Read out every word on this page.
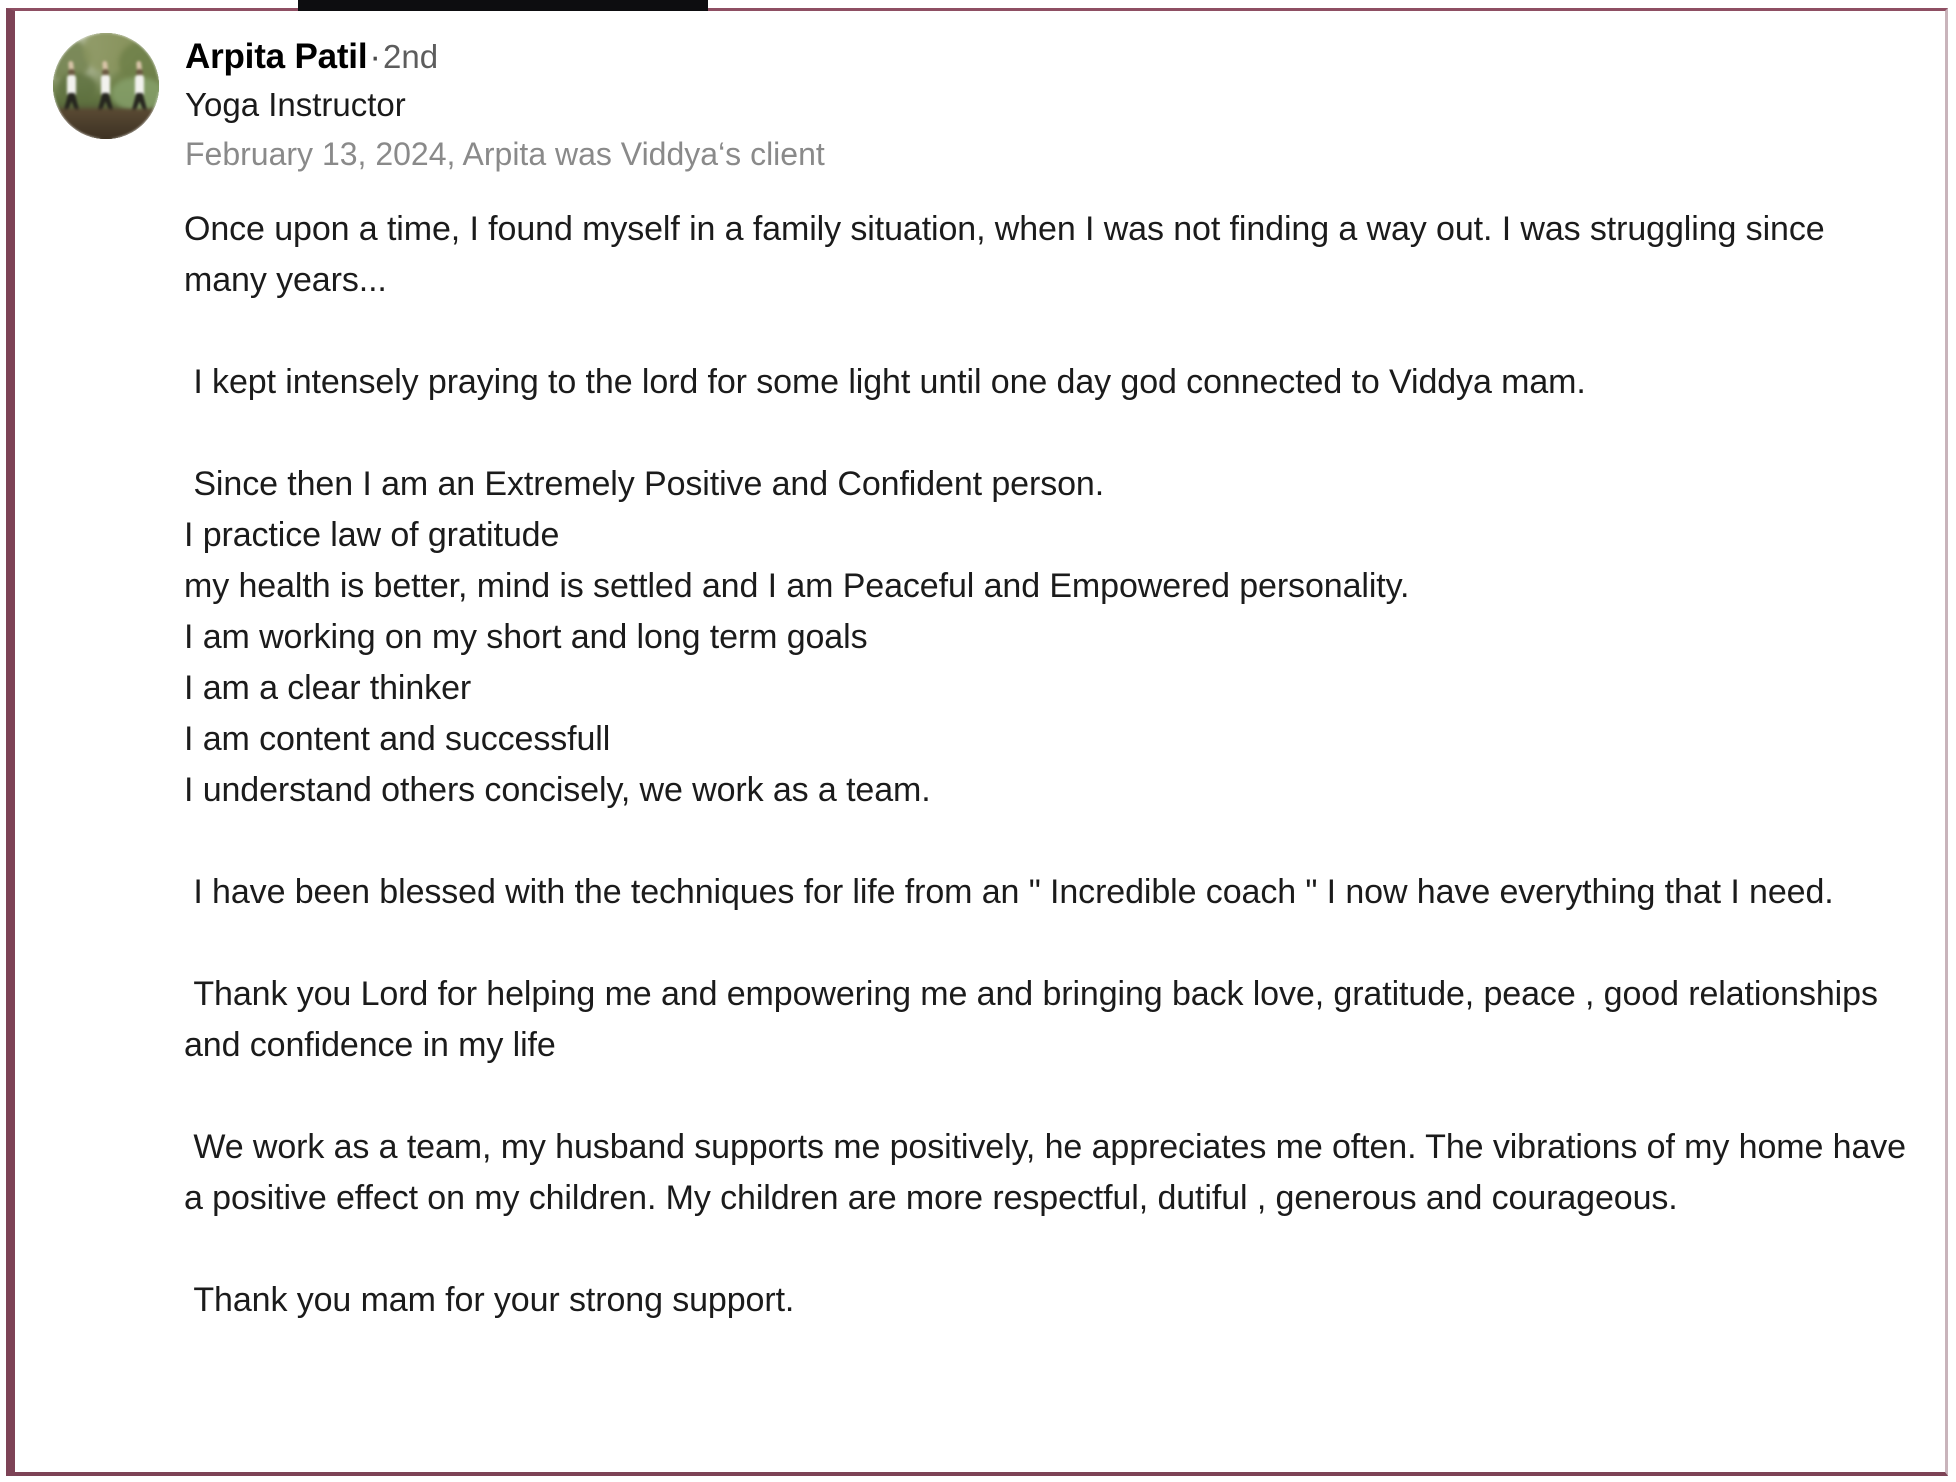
Arpita Patil·2nd
Yoga Instructor
February 13, 2024, Arpita was Viddya‘s client

Once upon a time, I found myself in a family situation, when I was not finding a way out. I was struggling since many years...

I kept intensely praying to the lord for some light until one day god connected to Viddya mam.

Since then I am an Extremely Positive and Confident person.

I practice law of gratitude

my health is better, mind is settled and I am Peaceful and Empowered personality.

I am working on my short and long term goals

I am a clear thinker

I am content and successfull

I understand others concisely, we work as a team.

I have been blessed with the techniques for life from an " Incredible coach " I now have everything that I need.

Thank you Lord for helping me and empowering me and bringing back love, gratitude, peace , good relationships and confidence in my life

We work as a team, my husband supports me positively, he appreciates me often. The vibrations of my home have a positive effect on my children. My children are more respectful, dutiful , generous and courageous.

Thank you mam for your strong support.
